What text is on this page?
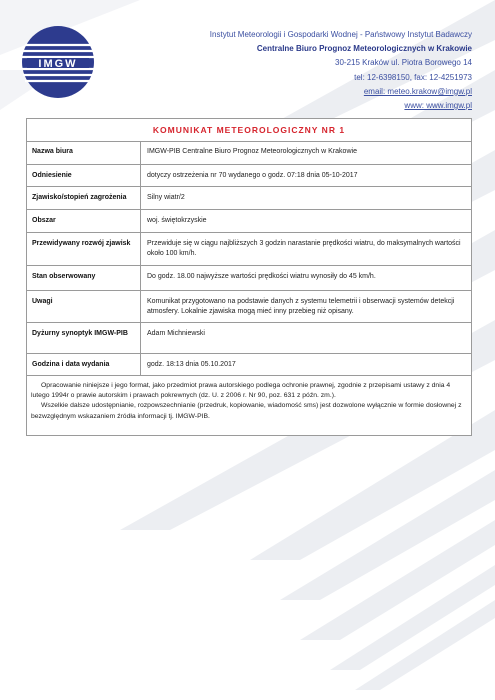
IMGW
Instytut Meteorologii i Gospodarki Wodnej - Państwowy Instytut Badawczy
Centralne Biuro Prognoz Meteorologicznych w Krakowie
30-215 Kraków ul. Piotra Borowego 14
tel: 12-6398150, fax: 12-4251973
email: meteo.krakow@imgw.pl
www: www.imgw.pl
KOMUNIKAT METEOROLOGICZNY NR 1
Nazwa biura	IMGW-PIB Centralne Biuro Prognoz Meteorologicznych w Krakowie
Odniesienie	dotyczy ostrzeżenia nr 70 wydanego o godz. 07:18 dnia 05-10-2017
Zjawisko/stopień zagrożenia	Silny wiatr/2
Obszar	woj. świętokrzyskie
Przewidywany rozwój zjawisk	Przewiduje się w ciągu najbliższych 3 godzin narastanie prędkości wiatru, do maksymalnych wartości około 100 km/h.
Stan obserwowany	Do godz. 18.00 najwyższe wartości prędkości wiatru wynosiły do 45 km/h.
Uwagi	Komunikat przygotowano na podstawie danych z systemu telemetrii i obserwacji systemów detekcji atmosfery. Lokalnie zjawiska mogą mieć inny przebieg niż opisany.
Dyżurny synoptyk IMGW-PIB	Adam Michniewski
Godzina i data wydania	godz. 18:13 dnia 05.10.2017

Opracowanie niniejsze i jego format, jako przedmiot prawa autorskiego podlega ochronie prawnej, zgodnie z przepisami ustawy z dnia 4 lutego 1994r o prawie autorskim i prawach pokrewnych (dz. U. z 2006 r. Nr 90, poz. 631 z późn. zm.).

Wszelkie dalsze udostępnianie, rozpowszechnianie (przedruk, kopiowanie, wiadomość sms) jest dozwolone wyłącznie w formie dosłownej z bezwzględnym wskazaniem źródła informacji tj. IMGW-PIB.
